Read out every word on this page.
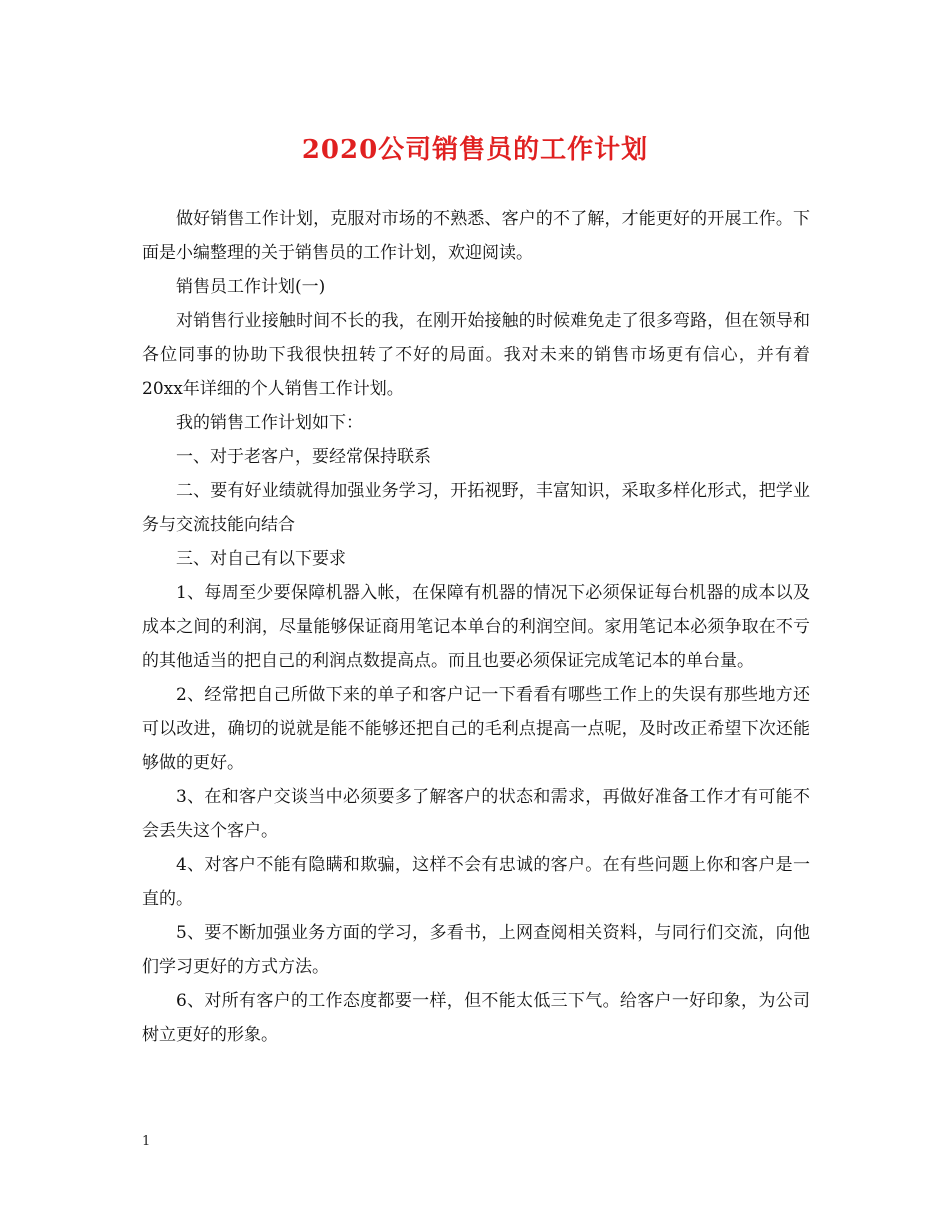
2020公司销售员的工作计划

做好销售工作计划，克服对市场的不熟悉、客户的不了解，才能更好的开展工作。下面是小编整理的关于销售员的工作计划，欢迎阅读。

销售员工作计划(一)

对销售行业接触时间不长的我，在刚开始接触的时候难免走了很多弯路，但在领导和各位同事的协助下我很快扭转了不好的局面。我对未来的销售市场更有信心，并有着20xx年详细的个人销售工作计划。

我的销售工作计划如下：

一、对于老客户，要经常保持联系

二、要有好业绩就得加强业务学习，开拓视野，丰富知识，采取多样化形式，把学业务与交流技能向结合

三、对自己有以下要求

1、每周至少要保障机器入帐，在保障有机器的情况下必须保证每台机器的成本以及成本之间的利润，尽量能够保证商用笔记本单台的利润空间。家用笔记本必须争取在不亏的其他适当的把自己的利润点数提高点。而且也要必须保证完成笔记本的单台量。

2、经常把自己所做下来的单子和客户记一下看看有哪些工作上的失误有那些地方还可以改进，确切的说就是能不能够还把自己的毛利点提高一点呢，及时改正希望下次还能够做的更好。

3、在和客户交谈当中必须要多了解客户的状态和需求，再做好准备工作才有可能不会丢失这个客户。

4、对客户不能有隐瞒和欺骗，这样不会有忠诚的客户。在有些问题上你和客户是一直的。

5、要不断加强业务方面的学习，多看书，上网查阅相关资料，与同行们交流，向他们学习更好的方式方法。

6、对所有客户的工作态度都要一样，但不能太低三下气。给客户一好印象，为公司树立更好的形象。

1
